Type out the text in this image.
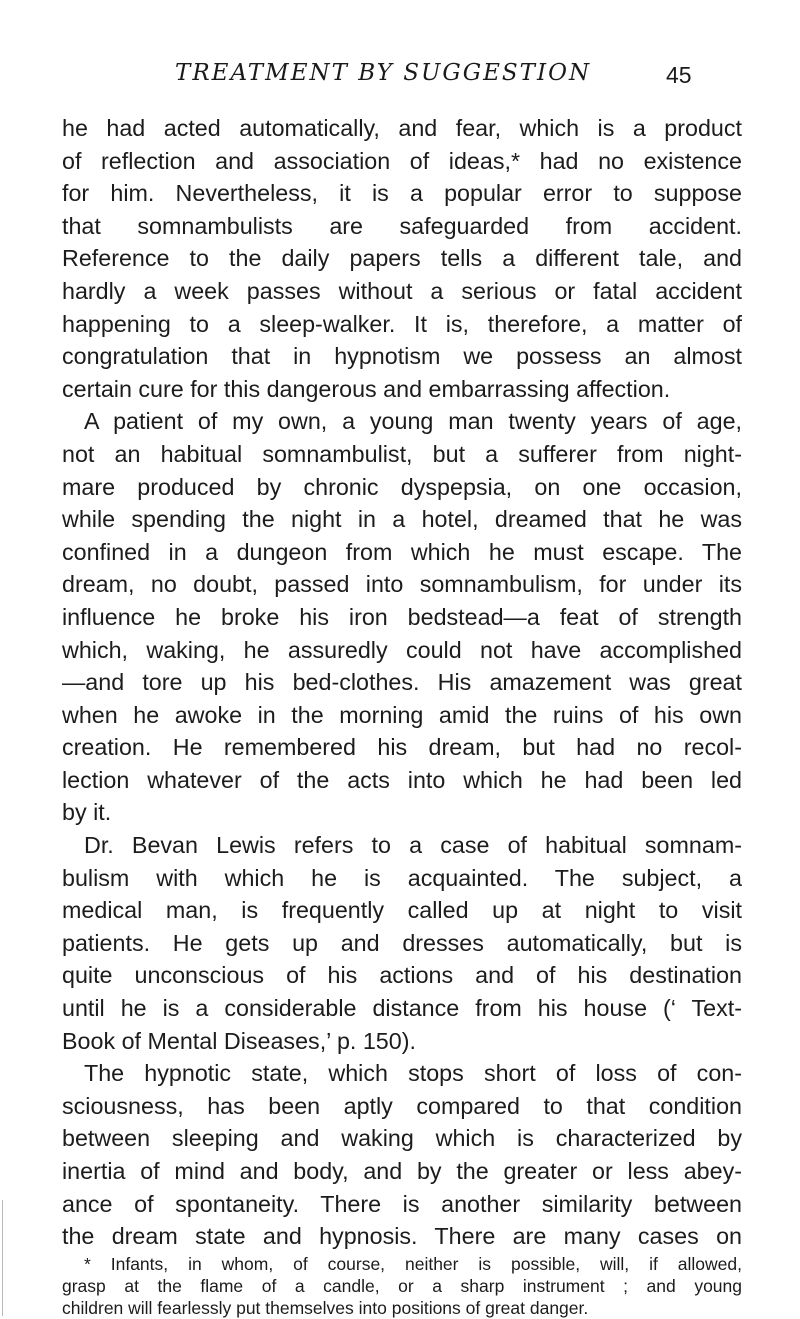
TREATMENT BY SUGGESTION	45

he had acted automatically, and fear, which is a product
of reflection and association of ideas,* had no existence
for him. Nevertheless, it is a popular error to suppose
that somnambulists are safeguarded from accident.
Reference to the daily papers tells a different tale, and
hardly a week passes without a serious or fatal accident
happening to a sleep-walker. It is, therefore, a matter of
congratulation that in hypnotism we possess an almost
certain cure for this dangerous and embarrassing affection.

A patient of my own, a young man twenty years of age,
not an habitual somnambulist, but a sufferer from night-
mare produced by chronic dyspepsia, on one occasion,
while spending the night in a hotel, dreamed that he was
confined in a dungeon from which he must escape. The
dream, no doubt, passed into somnambulism, for under its
influence he broke his iron bedstead—a feat of strength
which, waking, he assuredly could not have accomplished
—and tore up his bed-clothes. His amazement was great
when he awoke in the morning amid the ruins of his own
creation. He remembered his dream, but had no recol-
lection whatever of the acts into which he had been led
by it.

Dr. Bevan Lewis refers to a case of habitual somnam-
bulism with which he is acquainted. The subject, a
medical man, is frequently called up at night to visit
patients. He gets up and dresses automatically, but is
quite unconscious of his actions and of his destination
until he is a considerable distance from his house (‘ Text-
Book of Mental Diseases,’ p. 150).

The hypnotic state, which stops short of loss of con-
sciousness, has been aptly compared to that condition
between sleeping and waking which is characterized by
inertia of mind and body, and by the greater or less abey-
ance of spontaneity. There is another similarity between
the dream state and hypnosis. There are many cases on

* Infants, in whom, of course, neither is possible, will, if allowed,
grasp at the flame of a candle, or a sharp instrument ; and young
children will fearlessly put themselves into positions of great danger.
